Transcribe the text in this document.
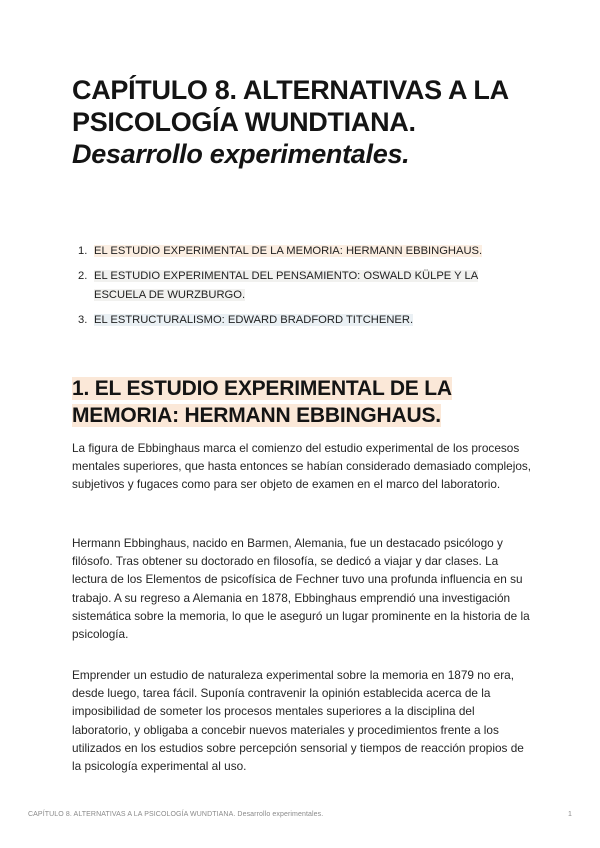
CAPÍTULO 8. ALTERNATIVAS A LA PSICOLOGÍA WUNDTIANA.
Desarrollo experimentales.
1. EL ESTUDIO EXPERIMENTAL DE LA MEMORIA: HERMANN EBBINGHAUS.
2. EL ESTUDIO EXPERIMENTAL DEL PENSAMIENTO: OSWALD KÜLPE Y LA ESCUELA DE WURZBURGO.
3. EL ESTRUCTURALISMO: EDWARD BRADFORD TITCHENER.
1. EL ESTUDIO EXPERIMENTAL DE LA MEMORIA: HERMANN EBBINGHAUS.

La figura de Ebbinghaus marca el comienzo del estudio experimental de los procesos mentales superiores, que hasta entonces se habían considerado demasiado complejos, subjetivos y fugaces como para ser objeto de examen en el marco del laboratorio.

Hermann Ebbinghaus, nacido en Barmen, Alemania, fue un destacado psicólogo y filósofo. Tras obtener su doctorado en filosofía, se dedicó a viajar y dar clases. La lectura de los Elementos de psicofísica de Fechner tuvo una profunda influencia en su trabajo. A su regreso a Alemania en 1878, Ebbinghaus emprendió una investigación sistemática sobre la memoria, lo que le aseguró un lugar prominente en la historia de la psicología.

Emprender un estudio de naturaleza experimental sobre la memoria en 1879 no era, desde luego, tarea fácil. Suponía contravenir la opinión establecida acerca de la imposibilidad de someter los procesos mentales superiores a la disciplina del laboratorio, y obligaba a concebir nuevos materiales y procedimientos frente a los utilizados en los estudios sobre percepción sensorial y tiempos de reacción propios de la psicología experimental al uso.

CAPÍTULO 8. ALTERNATIVAS A LA PSICOLOGÍA WUNDTIANA. Desarrollo experimentales.	1
